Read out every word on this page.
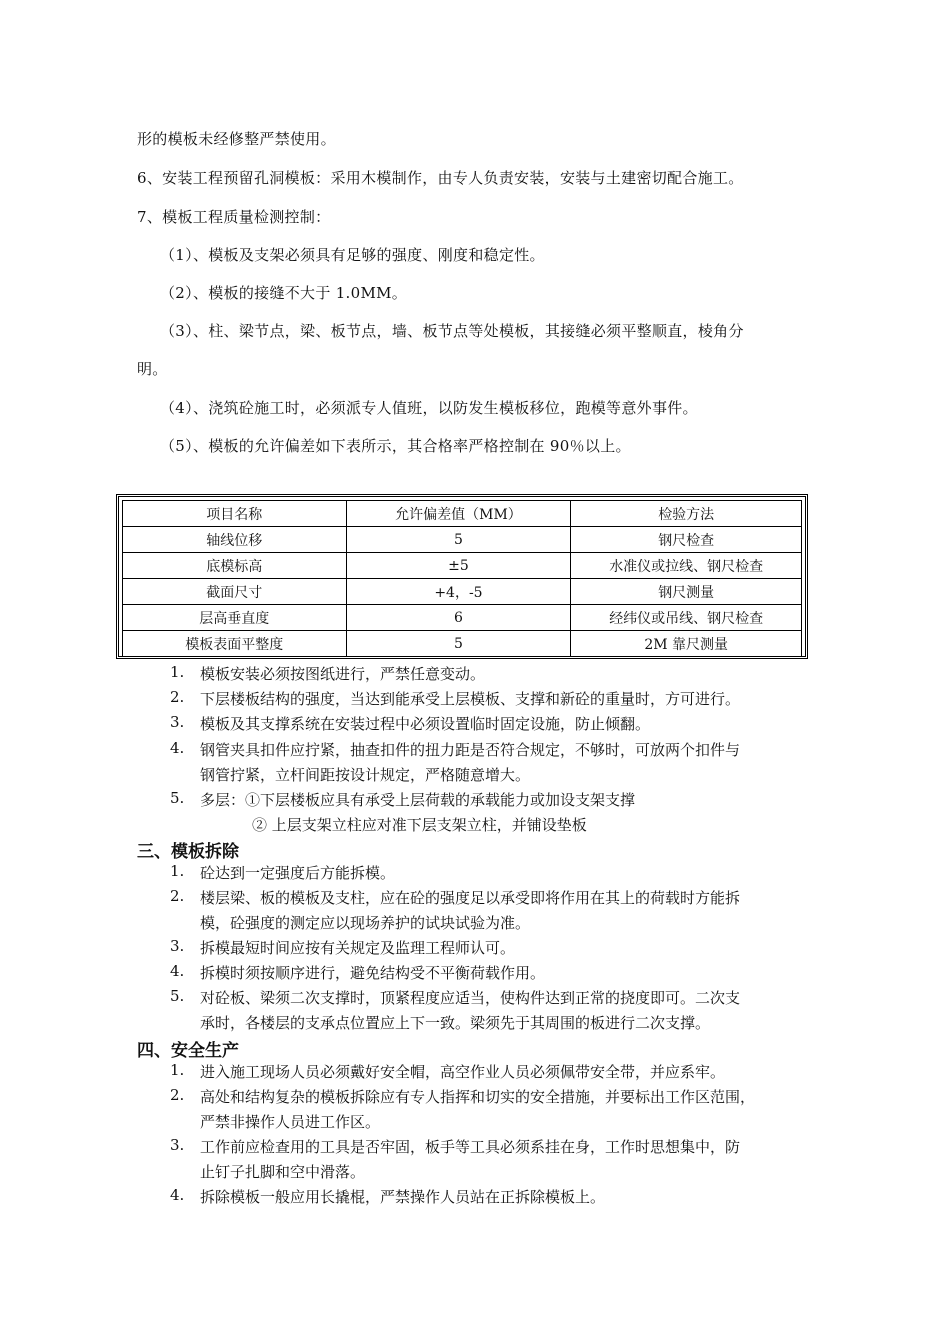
形的模板未经修整严禁使用。
6、安装工程预留孔洞模板：采用木模制作，由专人负责安装，安装与土建密切配合施工。
7、模板工程质量检测控制：
（1）、模板及支架必须具有足够的强度、刚度和稳定性。
（2）、模板的接缝不大于 1.0MM。
（3）、柱、梁节点，梁、板节点，墙、板节点等处模板，其接缝必须平整顺直，棱角分
明。
（4）、浇筑砼施工时，必须派专人值班，以防发生模板移位，跑模等意外事件。
（5）、模板的允许偏差如下表所示，其合格率严格控制在 90％以上。
项目名称	允许偏差值（MM）	检验方法
轴线位移	5	钢尺检查
底模标高	±5	水准仪或拉线、钢尺检查
截面尺寸	+4，-5	钢尺测量
层高垂直度	6	经纬仪或吊线、钢尺检查
模板表面平整度	5	2M 靠尺测量
1.	模板安装必须按图纸进行，严禁任意变动。
2.	下层楼板结构的强度，当达到能承受上层模板、支撑和新砼的重量时，方可进行。
3.	模板及其支撑系统在安装过程中必须设置临时固定设施，防止倾翻。
4.	钢管夹具扣件应拧紧，抽查扣件的扭力距是否符合规定，不够时，可放两个扣件与
钢管拧紧，立杆间距按设计规定，严格随意增大。
5.	多层：①下层楼板应具有承受上层荷载的承载能力或加设支架支撑
② 上层支架立柱应对准下层支架立柱，并铺设垫板
三、模板拆除
1.	砼达到一定强度后方能拆模。
2.	楼层梁、板的模板及支柱，应在砼的强度足以承受即将作用在其上的荷载时方能拆
模，砼强度的测定应以现场养护的试块试验为准。
3.	拆模最短时间应按有关规定及监理工程师认可。
4.	拆模时须按顺序进行，避免结构受不平衡荷载作用。
5.	对砼板、梁须二次支撑时，顶紧程度应适当，使构件达到正常的挠度即可。二次支
承时，各楼层的支承点位置应上下一致。梁须先于其周围的板进行二次支撑。
四、安全生产
1.	进入施工现场人员必须戴好安全帽，高空作业人员必须佩带安全带，并应系牢。
2.	高处和结构复杂的模板拆除应有专人指挥和切实的安全措施，并要标出工作区范围，
严禁非操作人员进工作区。
3.	工作前应检查用的工具是否牢固，板手等工具必须系挂在身，工作时思想集中，防
止钉子扎脚和空中滑落。
4.	拆除模板一般应用长撬棍，严禁操作人员站在正拆除模板上。
